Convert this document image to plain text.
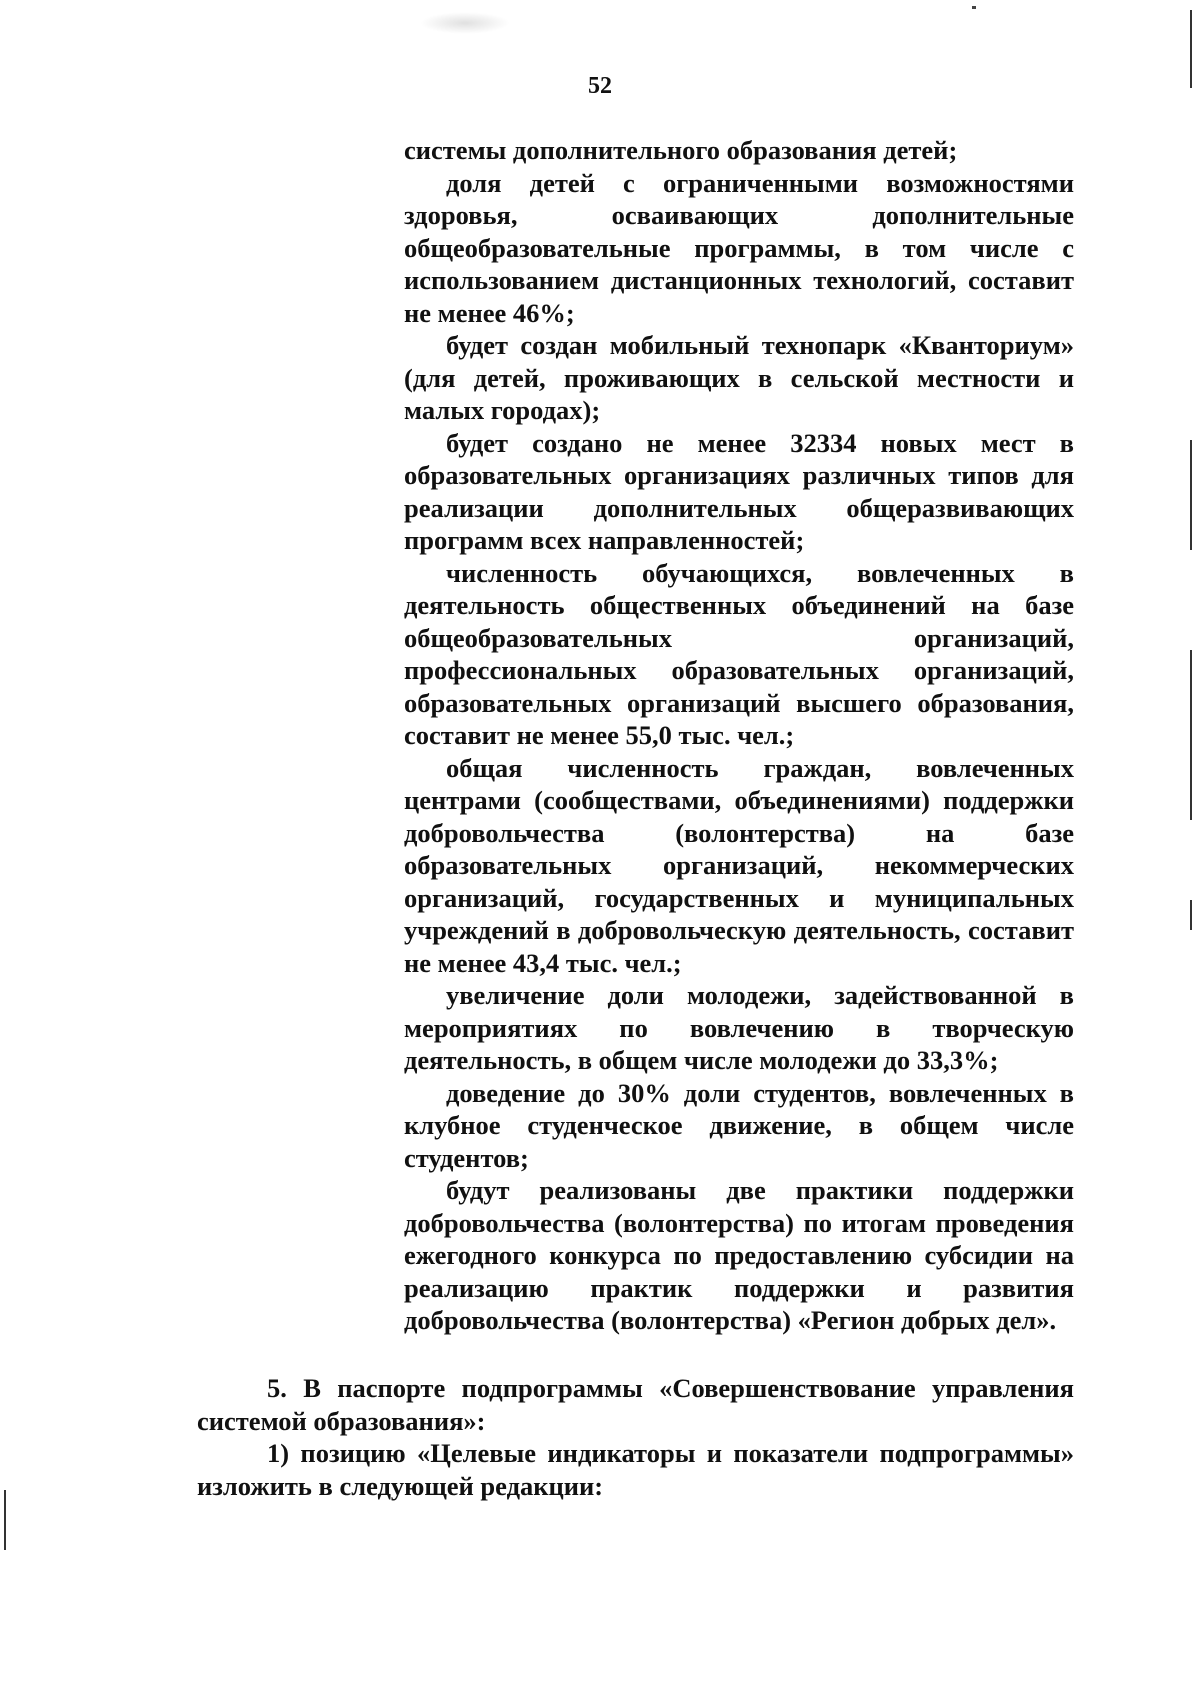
52

системы дополнительного образования детей;

доля детей с ограниченными возможностями здоровья, осваивающих дополнительные общеобразовательные программы, в том числе с использованием дистанционных технологий, составит не менее 46%;

будет создан мобильный технопарк «Кванториум» (для детей, проживающих в сельской местности и малых городах);

будет создано не менее 32334 новых мест в образовательных организациях различных типов для реализации дополнительных общеразвивающих программ всех направленностей;

численность обучающихся, вовлеченных в деятельность общественных объединений на базе общеобразовательных организаций, профессиональных образовательных организаций, образовательных организаций высшего образования, составит не менее 55,0 тыс. чел.;

общая численность граждан, вовлеченных центрами (сообществами, объединениями) поддержки добровольчества (волонтерства) на базе образовательных организаций, некоммерческих организаций, государственных и муниципальных учреждений в добровольческую деятельность, составит не менее 43,4 тыс. чел.;

увеличение доли молодежи, задействованной в мероприятиях по вовлечению в творческую деятельность, в общем числе молодежи до 33,3%;

доведение до 30% доли студентов, вовлеченных в клубное студенческое движение, в общем числе студентов;

будут реализованы две практики поддержки добровольчества (волонтерства) по итогам проведения ежегодного конкурса по предоставлению субсидии на реализацию практик поддержки и развития добровольчества (волонтерства) «Регион добрых дел».

5. В паспорте подпрограммы «Совершенствование управления системой образования»:

1) позицию «Целевые индикаторы и показатели подпрограммы» изложить в следующей редакции:
